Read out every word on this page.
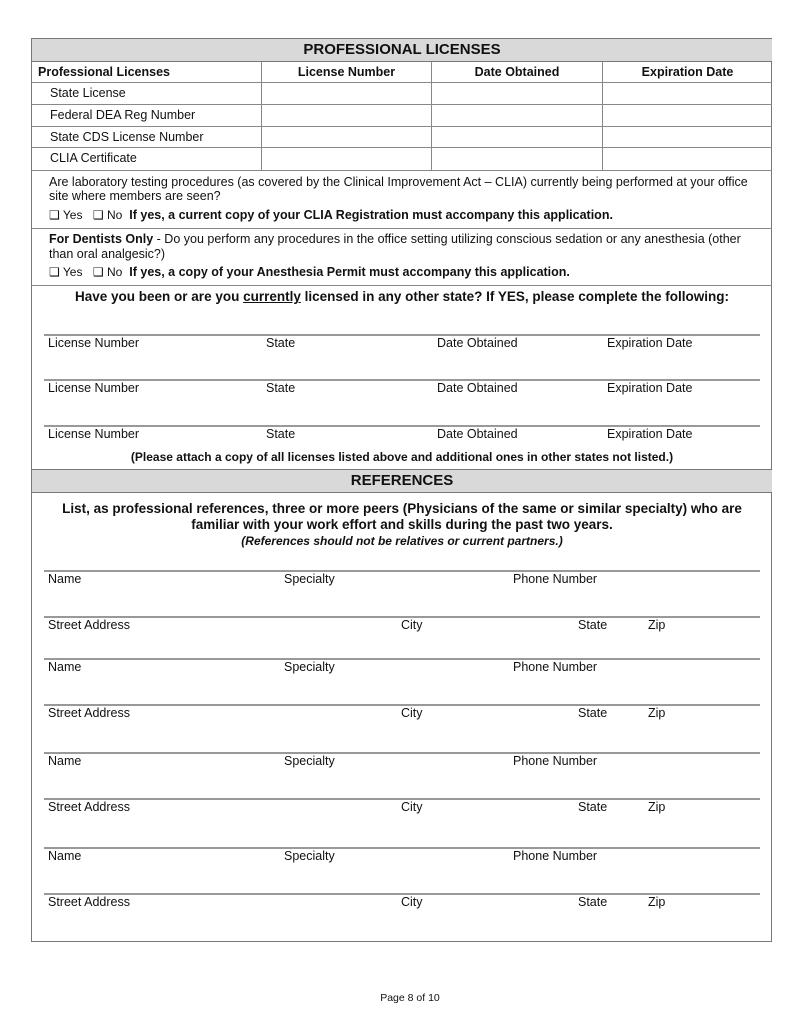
PROFESSIONAL LICENSES
Professional Licenses	License Number	Date Obtained	Expiration Date
State License
Federal DEA Reg Number
State CDS License Number
CLIA Certificate
Are laboratory testing procedures (as covered by the Clinical Improvement Act – CLIA) currently being performed at your office
site where members are seen?
❑ Yes ❑ No If yes, a current copy of your CLIA Registration must accompany this application.
For Dentists Only - Do you perform any procedures in the office setting utilizing conscious sedation or any anesthesia (other
than oral analgesic?)
❑ Yes ❑ No If yes, a copy of your Anesthesia Permit must accompany this application.
Have you been or are you currently licensed in any other state? If YES, please complete the following:
License Number	State	Date Obtained	Expiration Date
License Number	State	Date Obtained	Expiration Date
License Number	State	Date Obtained	Expiration Date
(Please attach a copy of all licenses listed above and additional ones in other states not listed.)
REFERENCES
List, as professional references, three or more peers (Physicians of the same or similar specialty) who are
familiar with your work effort and skills during the past two years.
(References should not be relatives or current partners.)
Name	Specialty	Phone Number
Street Address	City	State	Zip
Name	Specialty	Phone Number
Street Address	City	State	Zip
Name	Specialty	Phone Number
Street Address	City	State	Zip
Name	Specialty	Phone Number
Street Address	City	State	Zip
Page 8 of 10
